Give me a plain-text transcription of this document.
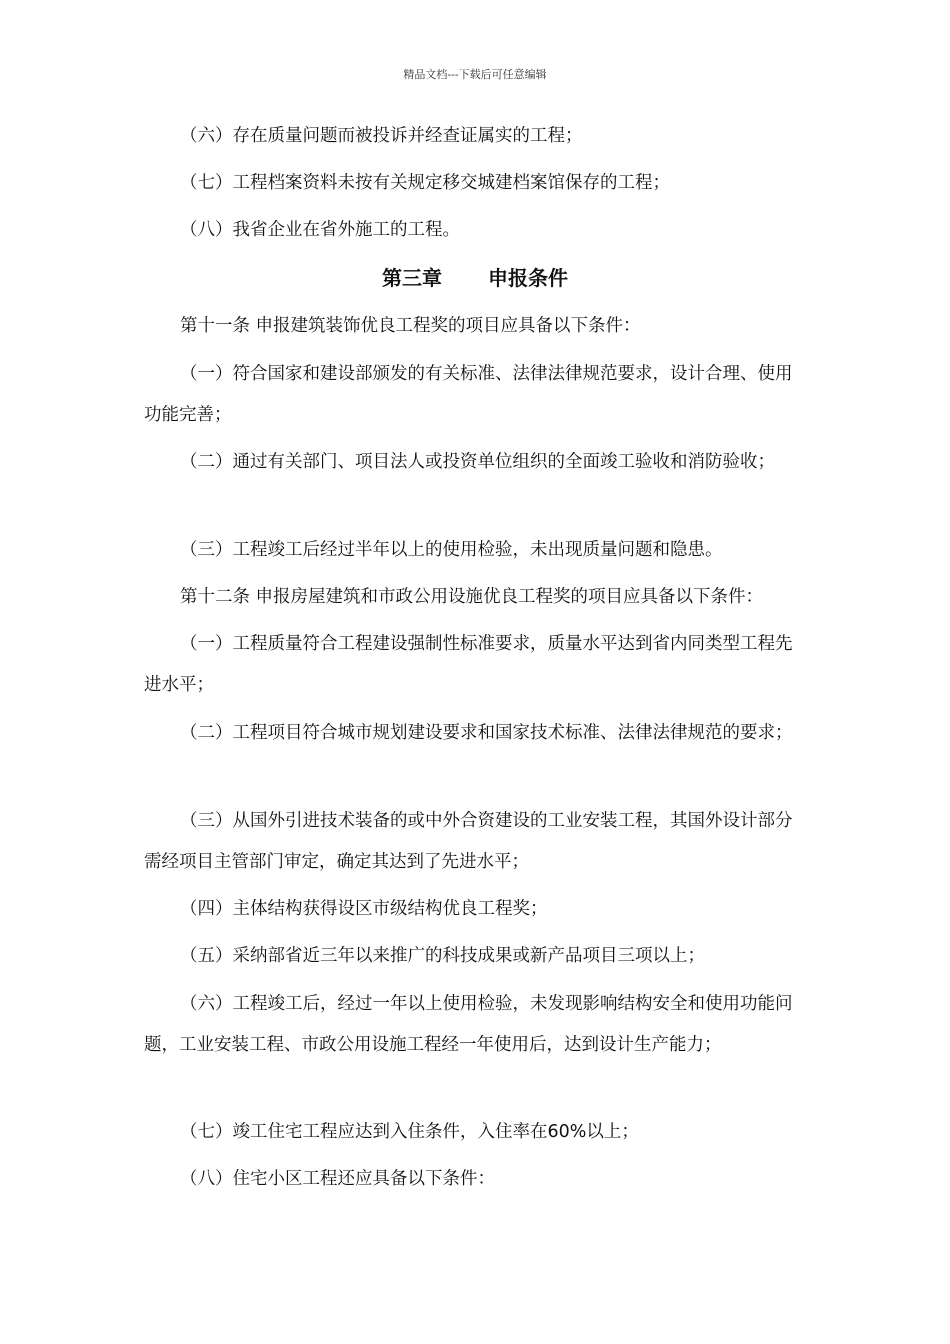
精品文档---下载后可任意编辑

（六）存在质量问题而被投诉并经查证属实的工程；

（七）工程档案资料未按有关规定移交城建档案馆保存的工程；

（八）我省企业在省外施工的工程。

第三章 申报条件

第十一条 申报建筑装饰优良工程奖的项目应具备以下条件：

（一）符合国家和建设部颁发的有关标准、法律法律规范要求，设计合理、使用功能完善；

（二）通过有关部门、项目法人或投资单位组织的全面竣工验收和消防验收；

（三）工程竣工后经过半年以上的使用检验，未出现质量问题和隐患。

第十二条 申报房屋建筑和市政公用设施优良工程奖的项目应具备以下条件：

（一）工程质量符合工程建设强制性标准要求，质量水平达到省内同类型工程先进水平；

（二）工程项目符合城市规划建设要求和国家技术标准、法律法律规范的要求；

（三）从国外引进技术装备的或中外合资建设的工业安装工程，其国外设计部分需经项目主管部门审定，确定其达到了先进水平；

（四）主体结构获得设区市级结构优良工程奖；

（五）采纳部省近三年以来推广的科技成果或新产品项目三项以上；

（六）工程竣工后，经过一年以上使用检验，未发现影响结构安全和使用功能问题，工业安装工程、市政公用设施工程经一年使用后，达到设计生产能力；

（七）竣工住宅工程应达到入住条件，入住率在60%以上；

（八）住宅小区工程还应具备以下条件：
